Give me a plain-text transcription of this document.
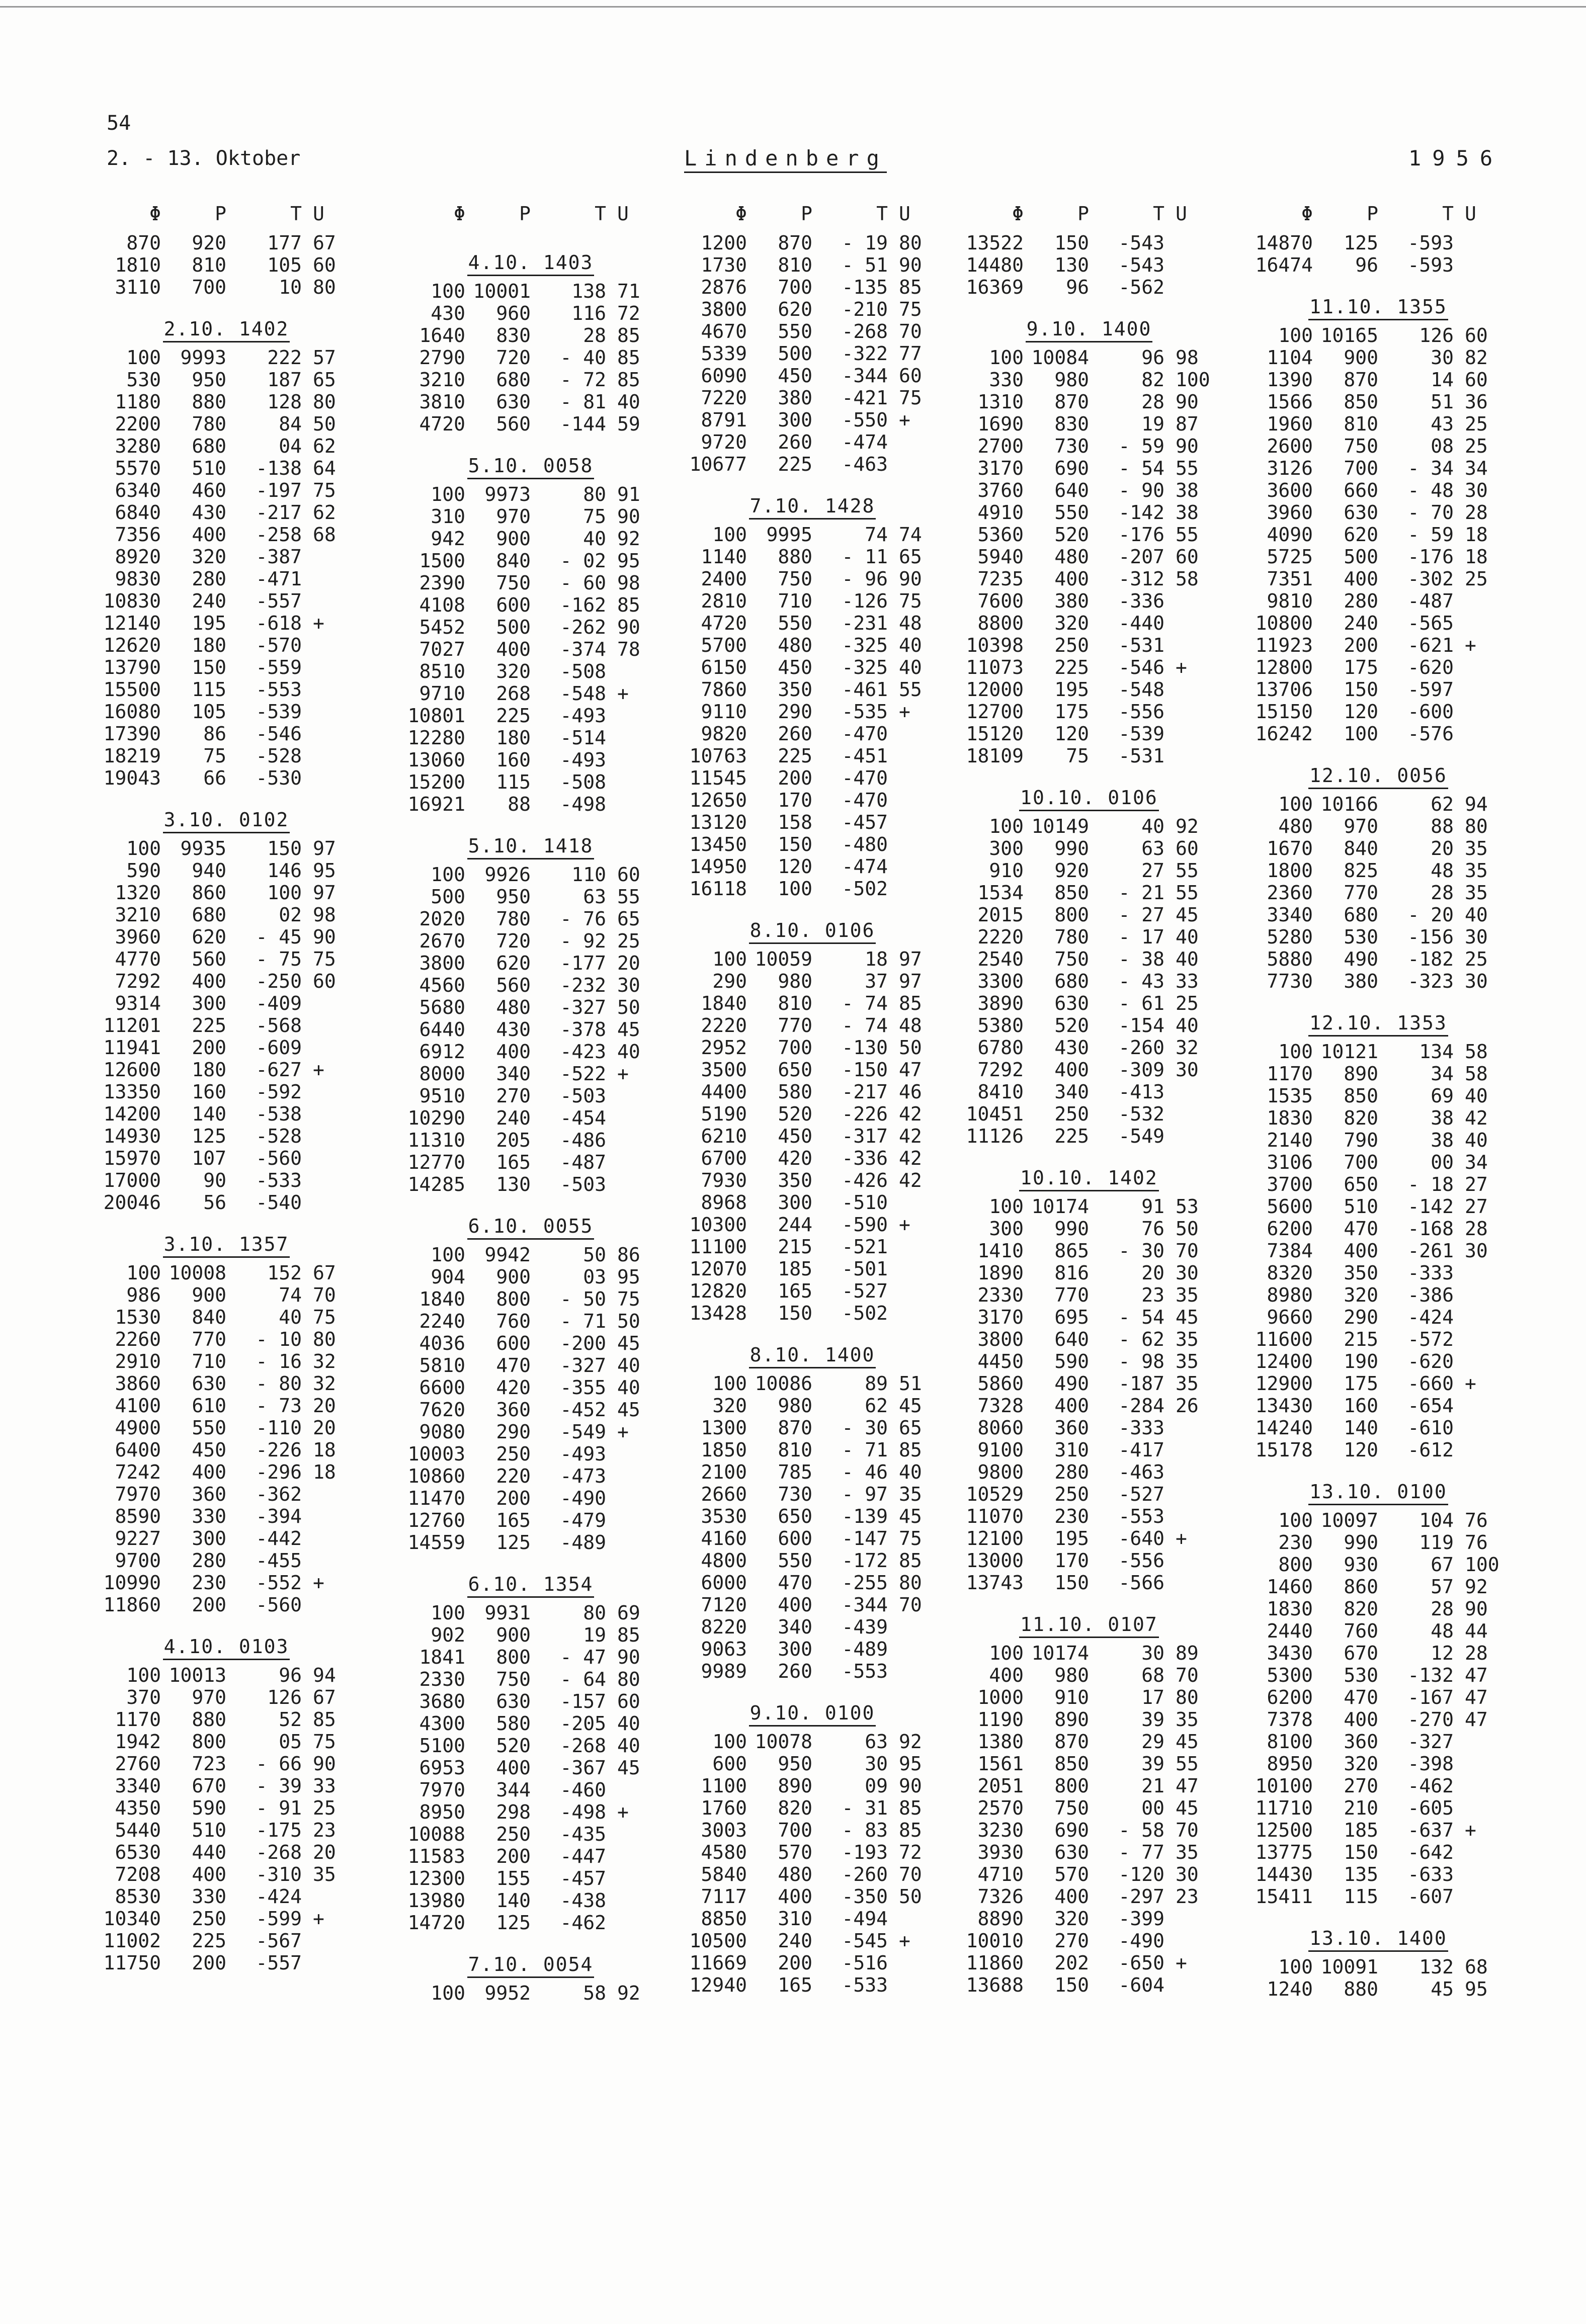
54
2. - 13. Oktober	Lindenberg	1956
Φ	P	T U
870	920	177 67
1810	810	105 60
3110	700	10 80
2.10. 1402
100	9993	222 57
530	950	187 65
1180	880	128 80
2200	780	84 50
3280	680	04 62
5570	510	-138 64
6340	460	-197 75
6840	430	-217 62
7356	400	-258 68
8920	320	-387
9830	280	-471
10830	240	-557
12140	195	-618 +
12620	180	-570
13790	150	-559
15500	115	-553
16080	105	-539
17390	86	-546
18219	75	-528
19043	66	-530
3.10. 0102
100	9935	150 97
590	940	146 95
1320	860	100 97
3210	680	02 98
3960	620	- 45 90
4770	560	- 75 75
7292	400	-250 60
9314	300	-409
11201	225	-568
11941	200	-609
12600	180	-627 +
13350	160	-592
14200	140	-538
14930	125	-528
15970	107	-560
17000	90	-533
20046	56	-540
3.10. 1357
100 10008	152 67
986	900	74 70
1530	840	40 75
2260	770	- 10 80
2910	710	- 16 32
3860	630	- 80 32
4100	610	- 73 20
4900	550	-110 20
6400	450	-226 18
7242	400	-296 18
7970	360	-362
8590	330	-394
9227	300	-442
9700	280	-455
10990	230	-552 +
11860	200	-560
4.10. 0103
100 10013	96 94
370	970	126 67
1170	880	52 85
1942	800	05 75
2760	723	- 66 90
3340	670	- 39 33
4350	590	- 91 25
5440	510	-175 23
6530	440	-268 20
7208	400	-310 35
8530	330	-424
10340	250	-599 +
11002	225	-567
11750	200	-557
Φ	P	T U
4.10. 1403
100 10001	138 71
430	960	116 72
1640	830	28 85
2790	720	- 40 85
3210	680	- 72 85
3810	630	- 81 40
4720	560	-144 59
5.10. 0058
100	9973	80 91
310	970	75 90
942	900	40 92
1500	840	- 02 95
2390	750	- 60 98
4108	600	-162 85
5452	500	-262 90
7027	400	-374 78
8510	320	-508
9710	268	-548 +
10801	225	-493
12280	180	-514
13060	160	-493
15200	115	-508
16921	88	-498
5.10. 1418
100	9926	110 60
500	950	63 55
2020	780	- 76 65
2670	720	- 92 25
3800	620	-177 20
4560	560	-232 30
5680	480	-327 50
6440	430	-378 45
6912	400	-423 40
8000	340	-522 +
9510	270	-503
10290	240	-454
11310	205	-486
12770	165	-487
14285	130	-503
6.10. 0055
100	9942	50 86
904	900	03 95
1840	800	- 50 75
2240	760	- 71 50
4036	600	-200 45
5810	470	-327 40
6600	420	-355 40
7620	360	-452 45
9080	290	-549 +
10003	250	-493
10860	220	-473
11470	200	-490
12760	165	-479
14559	125	-489
6.10. 1354
100	9931	80 69
902	900	19 85
1841	800	- 47 90
2330	750	- 64 80
3680	630	-157 60
4300	580	-205 40
5100	520	-268 40
6953	400	-367 45
7970	344	-460
8950	298	-498 +
10088	250	-435
11583	200	-447
12300	155	-457
13980	140	-438
14720	125	-462
7.10. 0054
100	9952	58 92
Φ	P	T U
1200	870	- 19 80
1730	810	- 51 90
2876	700	-135 85
3800	620	-210 75
4670	550	-268 70
5339	500	-322 77
6090	450	-344 60
7220	380	-421 75
8791	300	-550 +
9720	260	-474
10677	225	-463
7.10. 1428
100	9995	74 74
1140	880	- 11 65
2400	750	- 96 90
2810	710	-126 75
4720	550	-231 48
5700	480	-325 40
6150	450	-325 40
7860	350	-461 55
9110	290	-535 +
9820	260	-470
10763	225	-451
11545	200	-470
12650	170	-470
13120	158	-457
13450	150	-480
14950	120	-474
16118	100	-502
8.10. 0106
100 10059	18 97
290	980	37 97
1840	810	- 74 85
2220	770	- 74 48
2952	700	-130 50
3500	650	-150 47
4400	580	-217 46
5190	520	-226 42
6210	450	-317 42
6700	420	-336 42
7930	350	-426 42
8968	300	-510
10300	244	-590 +
11100	215	-521
12070	185	-501
12820	165	-527
13428	150	-502
8.10. 1400
100 10086	89 51
320	980	62 45
1300	870	- 30 65
1850	810	- 71 85
2100	785	- 46 40
2660	730	- 97 35
3530	650	-139 45
4160	600	-147 75
4800	550	-172 85
6000	470	-255 80
7120	400	-344 70
8220	340	-439
9063	300	-489
9989	260	-553
9.10. 0100
100 10078	63 92
600	950	30 95
1100	890	09 90
1760	820	- 31 85
3003	700	- 83 85
4580	570	-193 72
5840	480	-260 70
7117	400	-350 50
8850	310	-494
10500	240	-545 +
11669	200	-516
12940	165	-533
Φ	P	T U
13522	150	-543
14480	130	-543
16369	96	-562
9.10. 1400
100 10084	96 98
330	980	82 100
1310	870	28 90
1690	830	19 87
2700	730	- 59 90
3170	690	- 54 55
3760	640	- 90 38
4910	550	-142 38
5360	520	-176 55
5940	480	-207 60
7235	400	-312 58
7600	380	-336
8800	320	-440
10398	250	-531
11073	225	-546 +
12000	195	-548
12700	175	-556
15120	120	-539
18109	75	-531
10.10. 0106
100 10149	40 92
300	990	63 60
910	920	27 55
1534	850	- 21 55
2015	800	- 27 45
2220	780	- 17 40
2540	750	- 38 40
3300	680	- 43 33
3890	630	- 61 25
5380	520	-154 40
6780	430	-260 32
7292	400	-309 30
8410	340	-413
10451	250	-532
11126	225	-549
10.10. 1402
100 10174	91 53
300	990	76 50
1410	865	- 30 70
1890	816	20 30
2330	770	23 35
3170	695	- 54 45
3800	640	- 62 35
4450	590	- 98 35
5860	490	-187 35
7328	400	-284 26
8060	360	-333
9100	310	-417
9800	280	-463
10529	250	-527
11070	230	-553
12100	195	-640 +
13000	170	-556
13743	150	-566
11.10. 0107
100 10174	30 89
400	980	68 70
1000	910	17 80
1190	890	39 35
1380	870	29 45
1561	850	39 55
2051	800	21 47
2570	750	00 45
3230	690	- 58 70
3930	630	- 77 35
4710	570	-120 30
7326	400	-297 23
8890	320	-399
10010	270	-490
11860	202	-650 +
13688	150	-604
Φ	P	T U
14870	125	-593
16474	96	-593
11.10. 1355
100 10165	126 60
1104	900	30 82
1390	870	14 60
1566	850	51 36
1960	810	43 25
2600	750	08 25
3126	700	- 34 34
3600	660	- 48 30
3960	630	- 70 28
4090	620	- 59 18
5725	500	-176 18
7351	400	-302 25
9810	280	-487
10800	240	-565
11923	200	-621 +
12800	175	-620
13706	150	-597
15150	120	-600
16242	100	-576
12.10. 0056
100 10166	62 94
480	970	88 80
1670	840	20 35
1800	825	48 35
2360	770	28 35
3340	680	- 20 40
5280	530	-156 30
5880	490	-182 25
7730	380	-323 30
12.10. 1353
100 10121	134 58
1170	890	34 58
1535	850	69 40
1830	820	38 42
2140	790	38 40
3106	700	00 34
3700	650	- 18 27
5600	510	-142 27
6200	470	-168 28
7384	400	-261 30
8320	350	-333
8980	320	-386
9660	290	-424
11600	215	-572
12400	190	-620
12900	175	-660 +
13430	160	-654
14240	140	-610
15178	120	-612
13.10. 0100
100 10097	104 76
230	990	119 76
800	930	67 100
1460	860	57 92
1830	820	28 90
2440	760	48 44
3430	670	12 28
5300	530	-132 47
6200	470	-167 47
7378	400	-270 47
8100	360	-327
8950	320	-398
10100	270	-462
11710	210	-605
12500	185	-637 +
13775	150	-642
14430	135	-633
15411	115	-607
13.10. 1400
100 10091	132 68
1240	880	45 95
